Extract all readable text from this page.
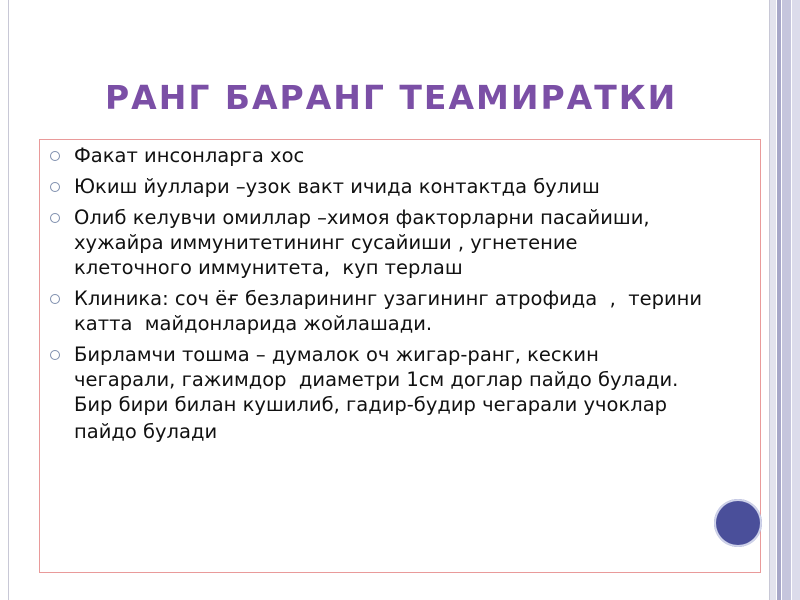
РАНГ БАРАНГ ТЕАМИРАТКИ
Факат инсонларга хос
Юкиш йуллари –узок вакт ичида контактда булиш
Олиб келувчи омиллар –химоя факторларни пасайиши,
хужайра иммунитетининг сусайиши , угнетение
клеточного иммунитета,  куп терлаш
Клиника: соч ёғ безларининг узагининг атрофида  ,  терини
катта  майдонларида жойлашади.
Бирламчи тошма – думалок оч жигар-ранг, кескин
чегарали, гажимдор  диаметри 1см доглар пайдо булади.
Бир бири билан кушилиб, гадир-будир чегарали учоклар
пайдо булади
